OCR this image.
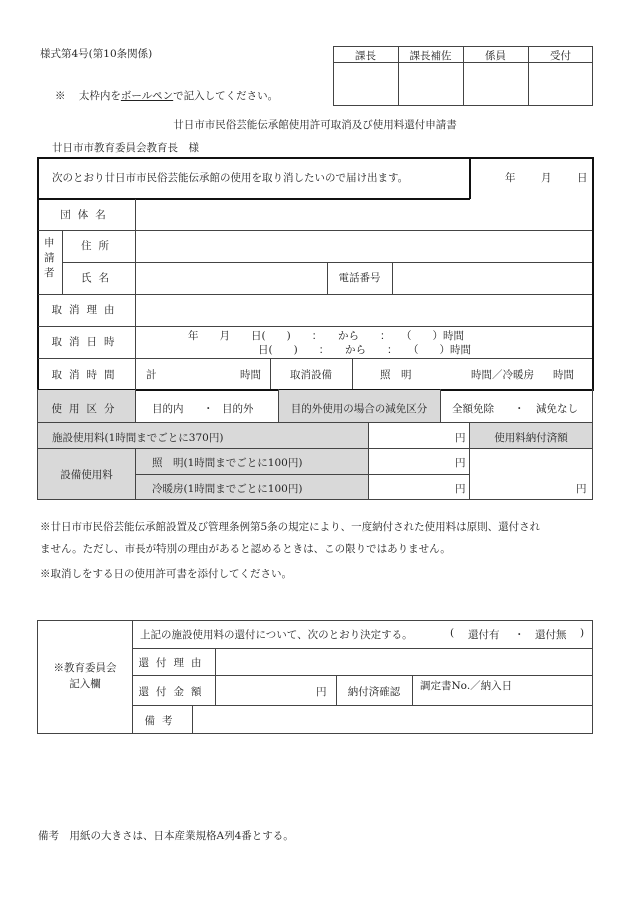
様式第4号(第10条関係)	課長	課長補佐	係員	受付
※ 太枠内をボールペンで記入してください。
廿日市市民俗芸能伝承館使用許可取消及び使用料還付申請書
廿日市市教育委員会教育長　様
次のとおり廿日市市民俗芸能伝承館の使用を取り消したいので届け出ます。	年 月 日
団体名
申請者
住所
氏名	電話番号
取消理由
取消日時	年　　月　　日(　　)　　：　　から　　：　　（　　）時間
日(　　)　　：　　から　　：　　（　　）時間
取消時間	計	時間	取消設備	照　明	時間／冷暖房 時間
使用区分	目的内 ・ 目的外	目的外使用の場合の減免区分	全額免除 ・ 減免なし
施設使用料(1時間までごとに370円)	円	使用料納付済額
設備使用料
照　明(1時間までごとに100円)	円
冷暖房(1時間までごとに100円)	円	円
※廿日市市民俗芸能伝承館設置及び管理条例第5条の規定により、一度納付された使用料は原則、還付され
ません。ただし、市長が特別の理由があると認めるときは、この限りではありません。
※取消しをする日の使用許可書を添付してください。
※教育委員会
記入欄
上記の施設使用料の還付について、次のとおり決定する。	( 還付有 ・ 還付無 )
還付理由
還付金額	円	納付済確認	調定書No.／納入日
備考
備考　用紙の大きさは、日本産業規格A列4番とする。
